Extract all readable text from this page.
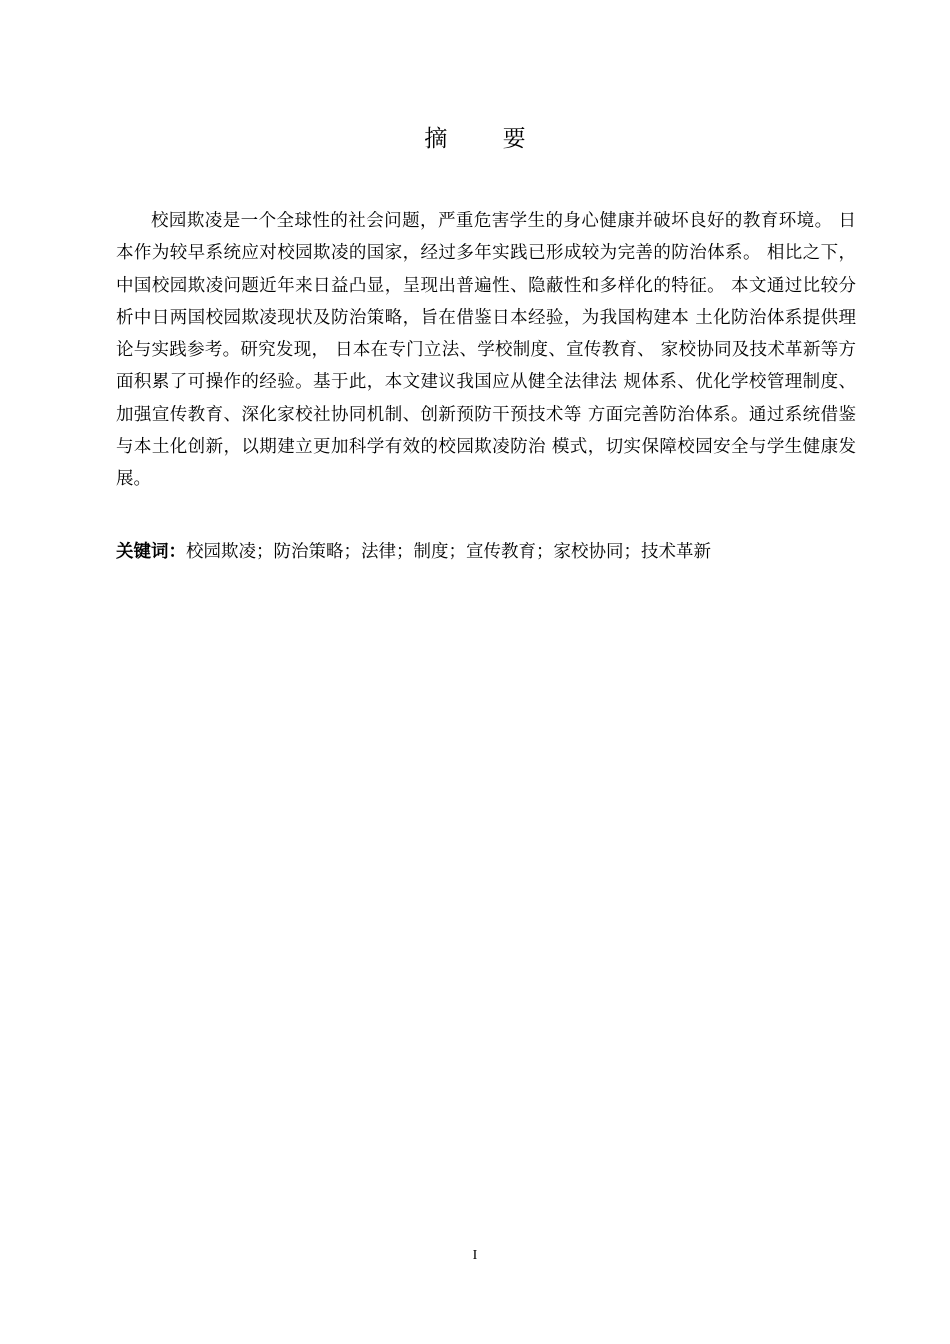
摘 要

校园欺凌是一个全球性的社会问题，严重危害学生的身心健康并破坏良好的教育环境。 日本作为较早系统应对校园欺凌的国家，经过多年实践已形成较为完善的防治体系。 相比之下，中国校园欺凌问题近年来日益凸显，呈现出普遍性、隐蔽性和多样化的特征。 本文通过比较分析中日两国校园欺凌现状及防治策略，旨在借鉴日本经验，为我国构建本 土化防治体系提供理论与实践参考。研究发现， 日本在专门立法、学校制度、宣传教育、 家校协同及技术革新等方面积累了可操作的经验。基于此，本文建议我国应从健全法律法 规体系、优化学校管理制度、加强宣传教育、深化家校社协同机制、创新预防干预技术等 方面完善防治体系。通过系统借鉴与本土化创新，以期建立更加科学有效的校园欺凌防治 模式，切实保障校园安全与学生健康发展。

关键词：校园欺凌；防治策略；法律；制度；宣传教育；家校协同；技术革新
I
